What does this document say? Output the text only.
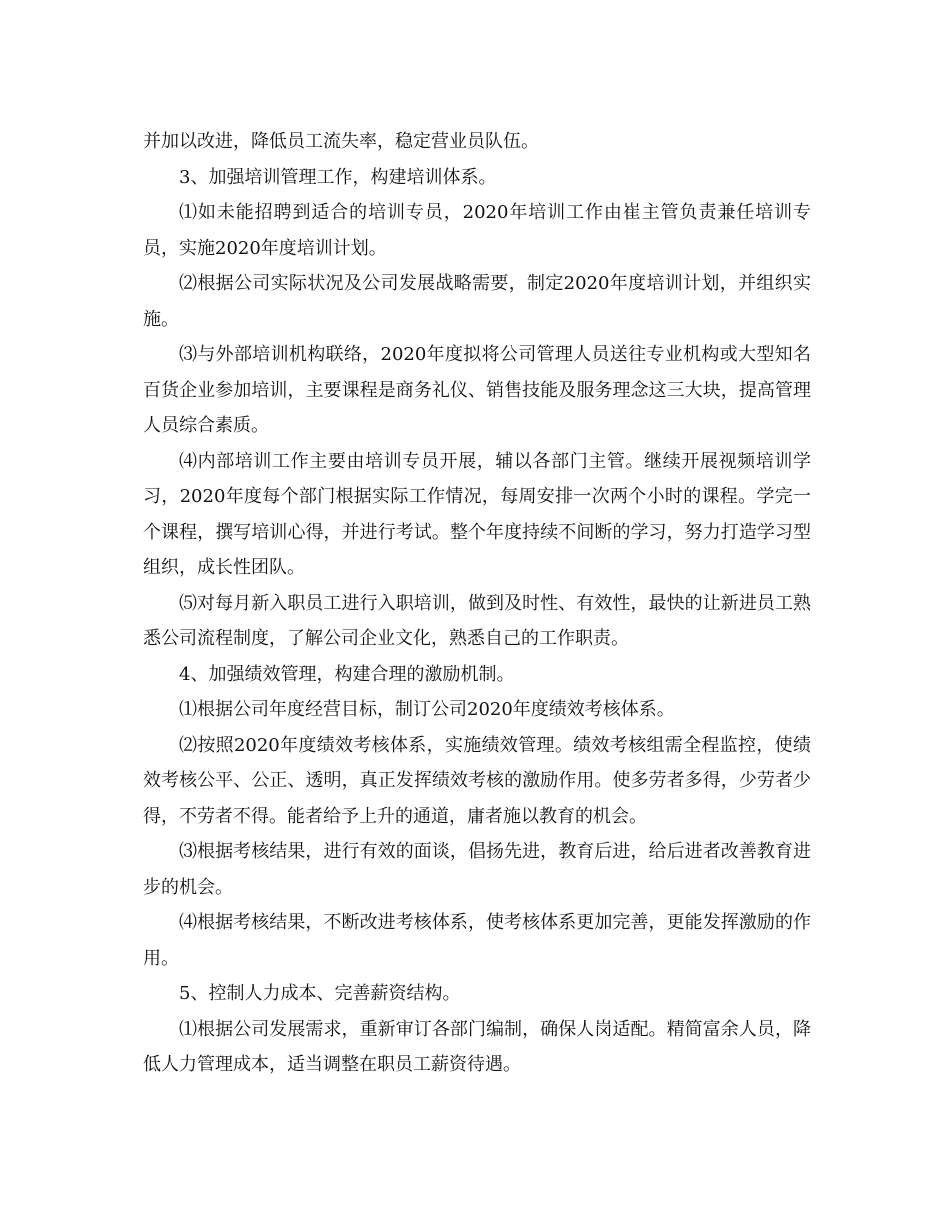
并加以改进，降低员工流失率，稳定营业员队伍。

3、加强培训管理工作，构建培训体系。

⑴如未能招聘到适合的培训专员，2020年培训工作由崔主管负责兼任培训专员，实施2020年度培训计划。

⑵根据公司实际状况及公司发展战略需要，制定2020年度培训计划，并组织实施。

⑶与外部培训机构联络，2020年度拟将公司管理人员送往专业机构或大型知名百货企业参加培训，主要课程是商务礼仪、销售技能及服务理念这三大块，提高管理人员综合素质。

⑷内部培训工作主要由培训专员开展，辅以各部门主管。继续开展视频培训学习，2020年度每个部门根据实际工作情况，每周安排一次两个小时的课程。学完一个课程，撰写培训心得，并进行考试。整个年度持续不间断的学习，努力打造学习型组织，成长性团队。

⑸对每月新入职员工进行入职培训，做到及时性、有效性，最快的让新进员工熟悉公司流程制度，了解公司企业文化，熟悉自己的工作职责。

4、加强绩效管理，构建合理的激励机制。

⑴根据公司年度经营目标，制订公司2020年度绩效考核体系。

⑵按照2020年度绩效考核体系，实施绩效管理。绩效考核组需全程监控，使绩效考核公平、公正、透明，真正发挥绩效考核的激励作用。使多劳者多得，少劳者少得，不劳者不得。能者给予上升的通道，庸者施以教育的机会。

⑶根据考核结果，进行有效的面谈，倡扬先进，教育后进，给后进者改善教育进步的机会。

⑷根据考核结果，不断改进考核体系，使考核体系更加完善，更能发挥激励的作用。

5、控制人力成本、完善薪资结构。

⑴根据公司发展需求，重新审订各部门编制，确保人岗适配。精简富余人员，降低人力管理成本，适当调整在职员工薪资待遇。
